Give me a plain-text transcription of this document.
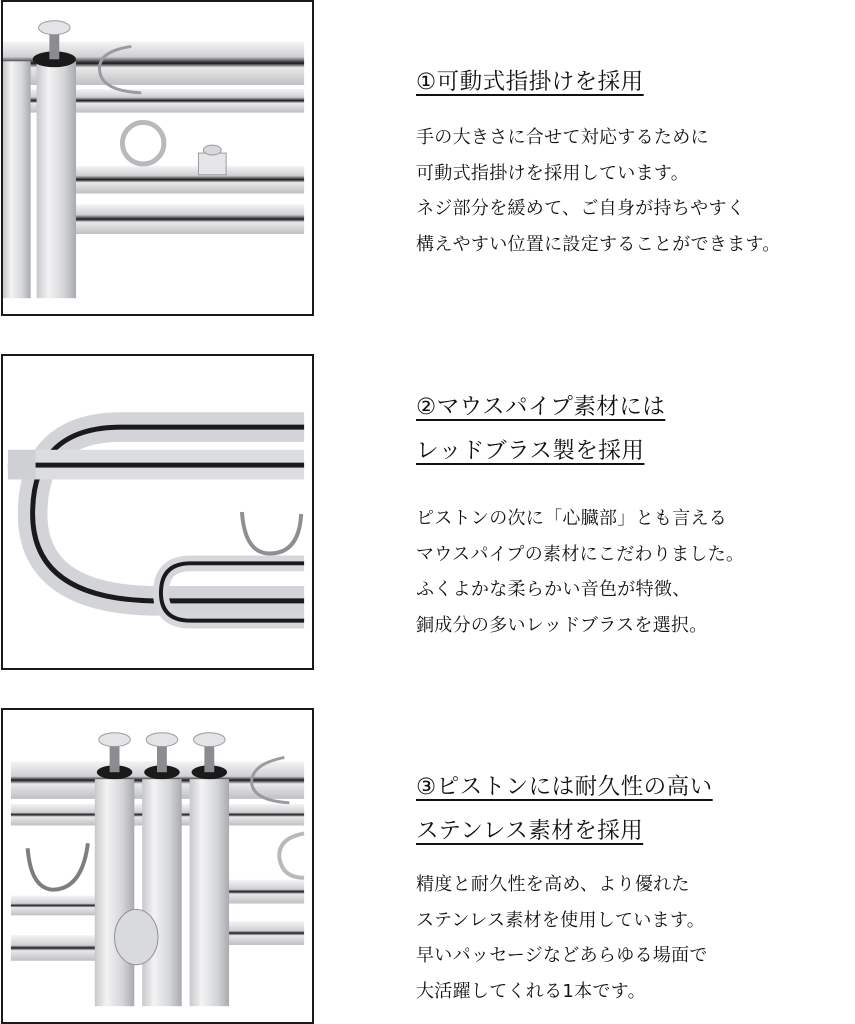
①可動式指掛けを採用
手の大きさに合せて対応するために
可動式指掛けを採用しています。
ネジ部分を緩めて、ご自身が持ちやすく
構えやすい位置に設定することができます。
②マウスパイプ素材には
レッドブラス製を採用
ピストンの次に「心臓部」とも言える
マウスパイプの素材にこだわりました。
ふくよかな柔らかい音色が特徴、
銅成分の多いレッドブラスを選択。
③ピストンには耐久性の高い
ステンレス素材を採用
精度と耐久性を高め、より優れた
ステンレス素材を使用しています。
早いパッセージなどあらゆる場面で
大活躍してくれる1本です。
